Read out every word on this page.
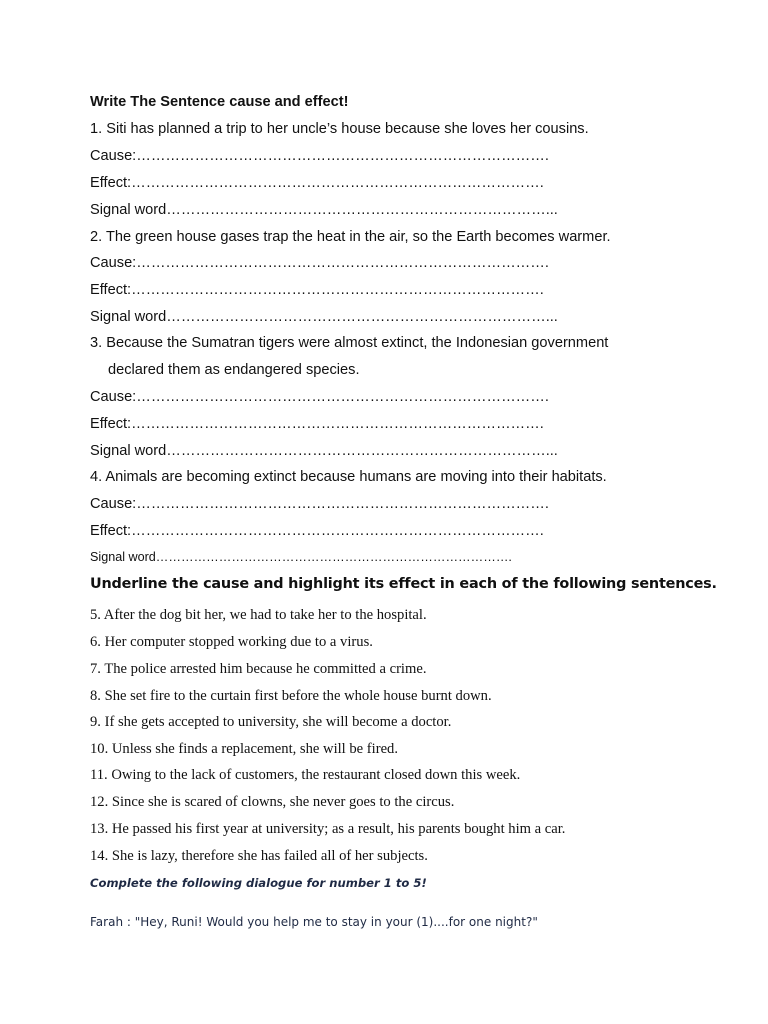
Write The Sentence cause and effect!
1. Siti has planned a trip to her uncle’s house because she loves her cousins.
Cause:………………………………………………………………………….
Effect:………………………………………………………………………….
Signal word……………………………………………………………………...
2. The green house gases trap the heat in the air, so the Earth becomes warmer.
Cause:………………………………………………………………………….
Effect:………………………………………………………………………….
Signal word……………………………………………………………………...
3. Because the Sumatran tigers were almost extinct, the Indonesian government
declared them as endangered species.
Cause:………………………………………………………………………….
Effect:………………………………………………………………………….
Signal word……………………………………………………………………...
4. Animals are becoming extinct because humans are moving into their habitats.
Cause:………………………………………………………………………….
Effect:………………………………………………………………………….
Signal word………………………………………………………………………….
Underline the cause and highlight its effect in each of the following sentences.
5. After the dog bit her, we had to take her to the hospital.
6. Her computer stopped working due to a virus.
7. The police arrested him because he committed a crime.
8. She set fire to the curtain first before the whole house burnt down.
9. If she gets accepted to university, she will become a doctor.
10. Unless she finds a replacement, she will be fired.
11. Owing to the lack of customers, the restaurant closed down this week.
12. Since she is scared of clowns, she never goes to the circus.
13. He passed his first year at university; as a result, his parents bought him a car.
14. She is lazy, therefore she has failed all of her subjects.
Complete the following dialogue for number 1 to 5!
Farah : "Hey, Runi! Would you help me to stay in your (1)....for one night?"
